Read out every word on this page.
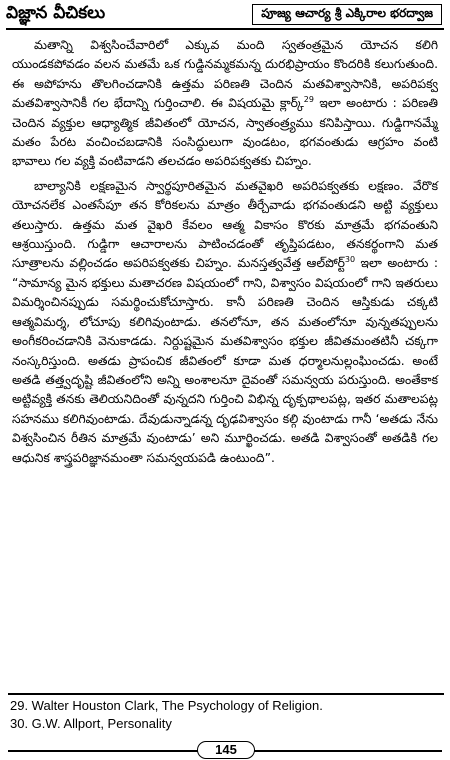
విజ్ఞాన వీచికలు	పూజ్య ఆచార్య శ్రీ ఎక్కిరాల భరద్వాజ

మతాన్ని విశ్వసించేవారిలో ఎక్కువ మంది స్వతంత్రమైన యోచన కలిగి యుండకపోవడం వలన మతమే ఒక గుడ్డినమ్మకమన్న దురభిప్రాయం కొందరికి కలుగుతుంది. ఈ అపోహను తొలగించడానికి ఉత్తమ పరిణతి చెందిన మతవిశ్వాసానికి, అపరిపక్వ మతవిశ్వాసానికీ గల భేదాన్ని గుర్తించాలి. ఈ విషయమై క్లార్క్$^{29}$ ఇలా అంటారు : పరిణతి చెందిన వ్యక్తుల ఆధ్యాత్మిక జీవితంలో యోచన, స్వాతంత్ర్యము కనిపిస్తాయి. గుడ్డిగానమ్మే మతం పేరట వంచించబడానికి సంసిద్ధులుగా వుండటం, భగవంతుడు ఆగ్రహం వంటి భావాలు గల వ్యక్తి వంటివాడని తలచడం అపరిపక్వతకు చిహ్నం.

బాల్యానికి లక్షణమైన స్వార్థపూరితమైన మతవైఖరి అపరిపక్వతకు లక్షణం. వేరొక యోచనలేక ఎంతసేపూ తన కోరికలను మాత్రం తీర్చేవాడు భగవంతుడని అట్టి వ్యక్తులు తలుస్తారు. ఉత్తమ మత వైఖరి కేవలం ఆత్మ వికాసం కొరకు మాత్రమే భగవంతుని ఆశ్రయిస్తుంది. గుడ్డిగా ఆచారాలను పాటించడంతో తృప్తిపడటం, తనకర్థంగాని మత సూత్రాలను వల్లించడం అపరిపక్వతకు చిహ్నం. మనస్తత్వవేత్త ఆల్‌పోర్ట్$^{30}$ ఇలా అంటారు : “సామాన్య మైన భక్తులు మతాచరణ విషయంలో గాని, విశ్వాసం విషయంలో గాని ఇతరులు విమర్శించినప్పుడు సమర్థించుకోచూస్తారు. కానీ పరిణతి చెందిన ఆస్తికుడు చక్కటి ఆత్మవిమర్శ, లోచూపు కలిగివుంటాడు. తనలోనూ, తన మతంలోనూ వున్నతప్పులను అంగీకరించడానికి వెనుకాడడు. నిర్దుష్టమైన మతవిశ్వాసం భక్తుల జీవితమంతటినీ చక్కగా నంస్కరిస్తుంది. అతడు ప్రాపంచిక జీవితంలో కూడా మత ధర్మాలనుల్లంఘించడు. అంటే అతడి తత్త్వదృష్టి జీవితంలోని అన్ని అంశాలనూ దైవంతో సమన్వయ పరుస్తుంది. అంతేకాక అట్టివ్యక్తి తనకు తెలియనిదింతో వున్నదని గుర్తించి విభిన్న దృక్పథాలపట్ల, ఇతర మతాలపట్ల సహనము కలిగివుంటాడు. దేవుడున్నాడన్న దృఢవిశ్వాసం కల్గి వుంటాడు గానీ ‘అతడు నేను విశ్వసించిన రీతిన మాత్రమే వుంటాడు’ అని మూర్ఖించడు. అతడి విశ్వాసంతో అతడికి గల ఆధునిక శాస్త్రపరిజ్ఞానమంతా సమన్వయపడి ఉంటుంది”.

29. Walter Houston Clark, The Psychology of Religion.
30. G.W. Allport, Personality
145
